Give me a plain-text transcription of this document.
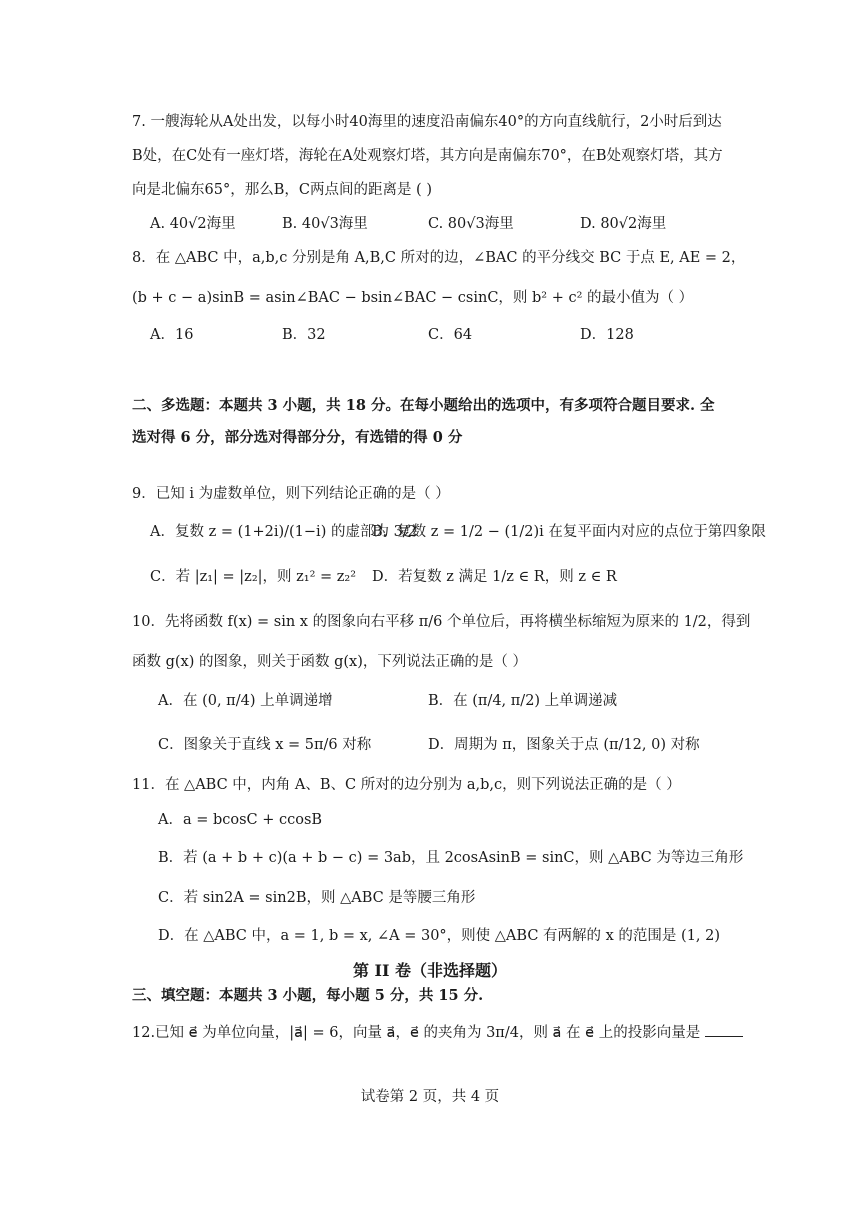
7. 一艘海轮从A处出发，以每小时40海里的速度沿南偏东40°的方向直线航行，2小时后到达
B处，在C处有一座灯塔，海轮在A处观察灯塔，其方向是南偏东70°，在B处观察灯塔，其方
向是北偏东65°，那么B，C两点间的距离是 ( )
A. 40√2海里	B. 40√3海里	C. 80√3海里	D. 80√2海里
8．在 △ABC 中，a,b,c 分别是角 A,B,C 所对的边，∠BAC 的平分线交 BC 于点 E, AE = 2，
(b + c − a)sinB = asin∠BAC − bsin∠BAC − csinC，则 b² + c² 的最小值为（ ）
A．16	B．32	C．64	D．128
二、多选题：本题共 3 小题，共 18 分。在每小题给出的选项中，有多项符合题目要求. 全
选对得 6 分，部分选对得部分分，有选错的得 0 分
9．已知 i 为虚数单位，则下列结论正确的是（ ）
A．复数 z = (1+2i)/(1−i) 的虚部为 3/2
B．复数 z = 1/2 − (1/2)i 在复平面内对应的点位于第四象限
C．若 |z₁| = |z₂|，则 z₁² = z₂² D．若复数 z 满足 1/z ∈ R，则 z ∈ R
10．先将函数 f(x) = sin x 的图象向右平移 π/6 个单位后，再将横坐标缩短为原来的 1/2，得到
函数 g(x) 的图象，则关于函数 g(x)，下列说法正确的是（ ）
A．在 (0, π/4) 上单调递增	B．在 (π/4, π/2) 上单调递减
C．图象关于直线 x = 5π/6 对称	D．周期为 π，图象关于点 (π/12, 0) 对称
11．在 △ABC 中，内角 A、B、C 所对的边分别为 a,b,c，则下列说法正确的是（ ）
A．a = bcosC + ccosB
B．若 (a + b + c)(a + b − c) = 3ab，且 2cosAsinB = sinC，则 △ABC 为等边三角形
C．若 sin2A = sin2B，则 △ABC 是等腰三角形
D．在 △ABC 中，a = 1, b = x, ∠A = 30°，则使 △ABC 有两解的 x 的范围是 (1, 2)
第 II 卷（非选择题）
三、填空题：本题共 3 小题，每小题 5 分，共 15 分.
12.已知 e⃗ 为单位向量，|a⃗| = 6，向量 a⃗，e⃗ 的夹角为 3π/4，则 a⃗ 在 e⃗ 上的投影向量是
试卷第 2 页，共 4 页
